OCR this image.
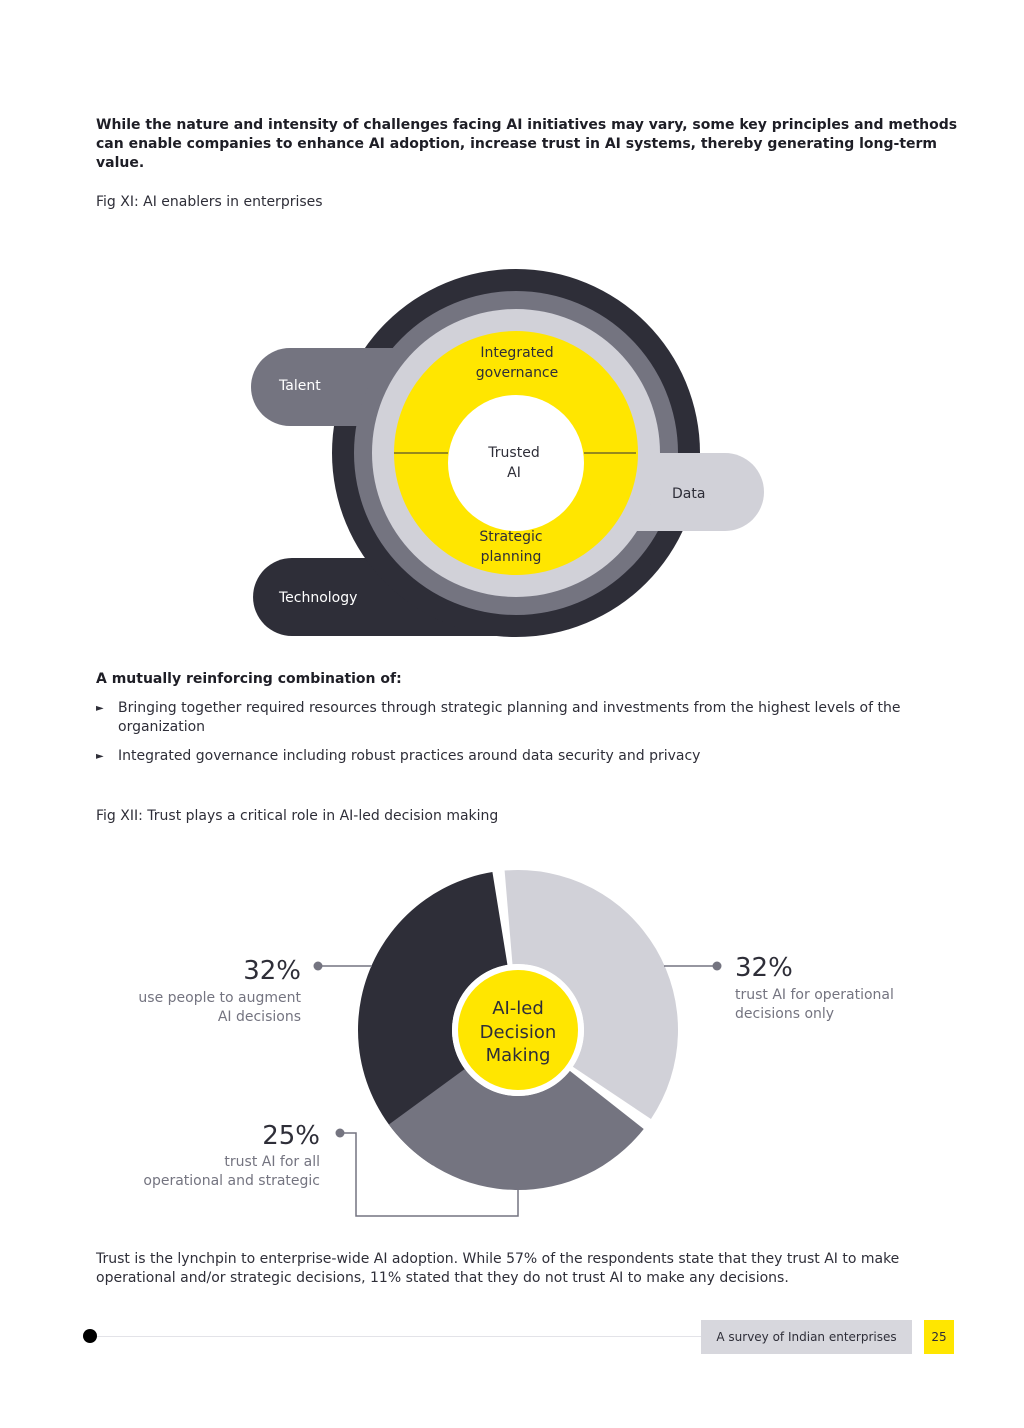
While the nature and intensity of challenges facing AI initiatives may vary, some key principles and methods can enable companies to enhance AI adoption, increase trust in AI systems, thereby generating long-term value.

Fig XI: AI enablers in enterprises
Integrated
governance
Trusted
AI
Strategic
planning
Talent
Data
Technology
A mutually reinforcing combination of:
► Bringing together required resources through strategic planning and investments from the highest levels of the organization
► Integrated governance including robust practices around data security and privacy
Fig XII: Trust plays a critical role in AI-led decision making
AI-led
Decision
Making
32%
use people to augment
AI decisions
32%
trust AI for operational
decisions only
25%
trust AI for all
operational and strategic

Trust is the lynchpin to enterprise-wide AI adoption. While 57% of the respondents state that they trust AI to make operational and/or strategic decisions, 11% stated that they do not trust AI to make any decisions.

A survey of Indian enterprises	25
